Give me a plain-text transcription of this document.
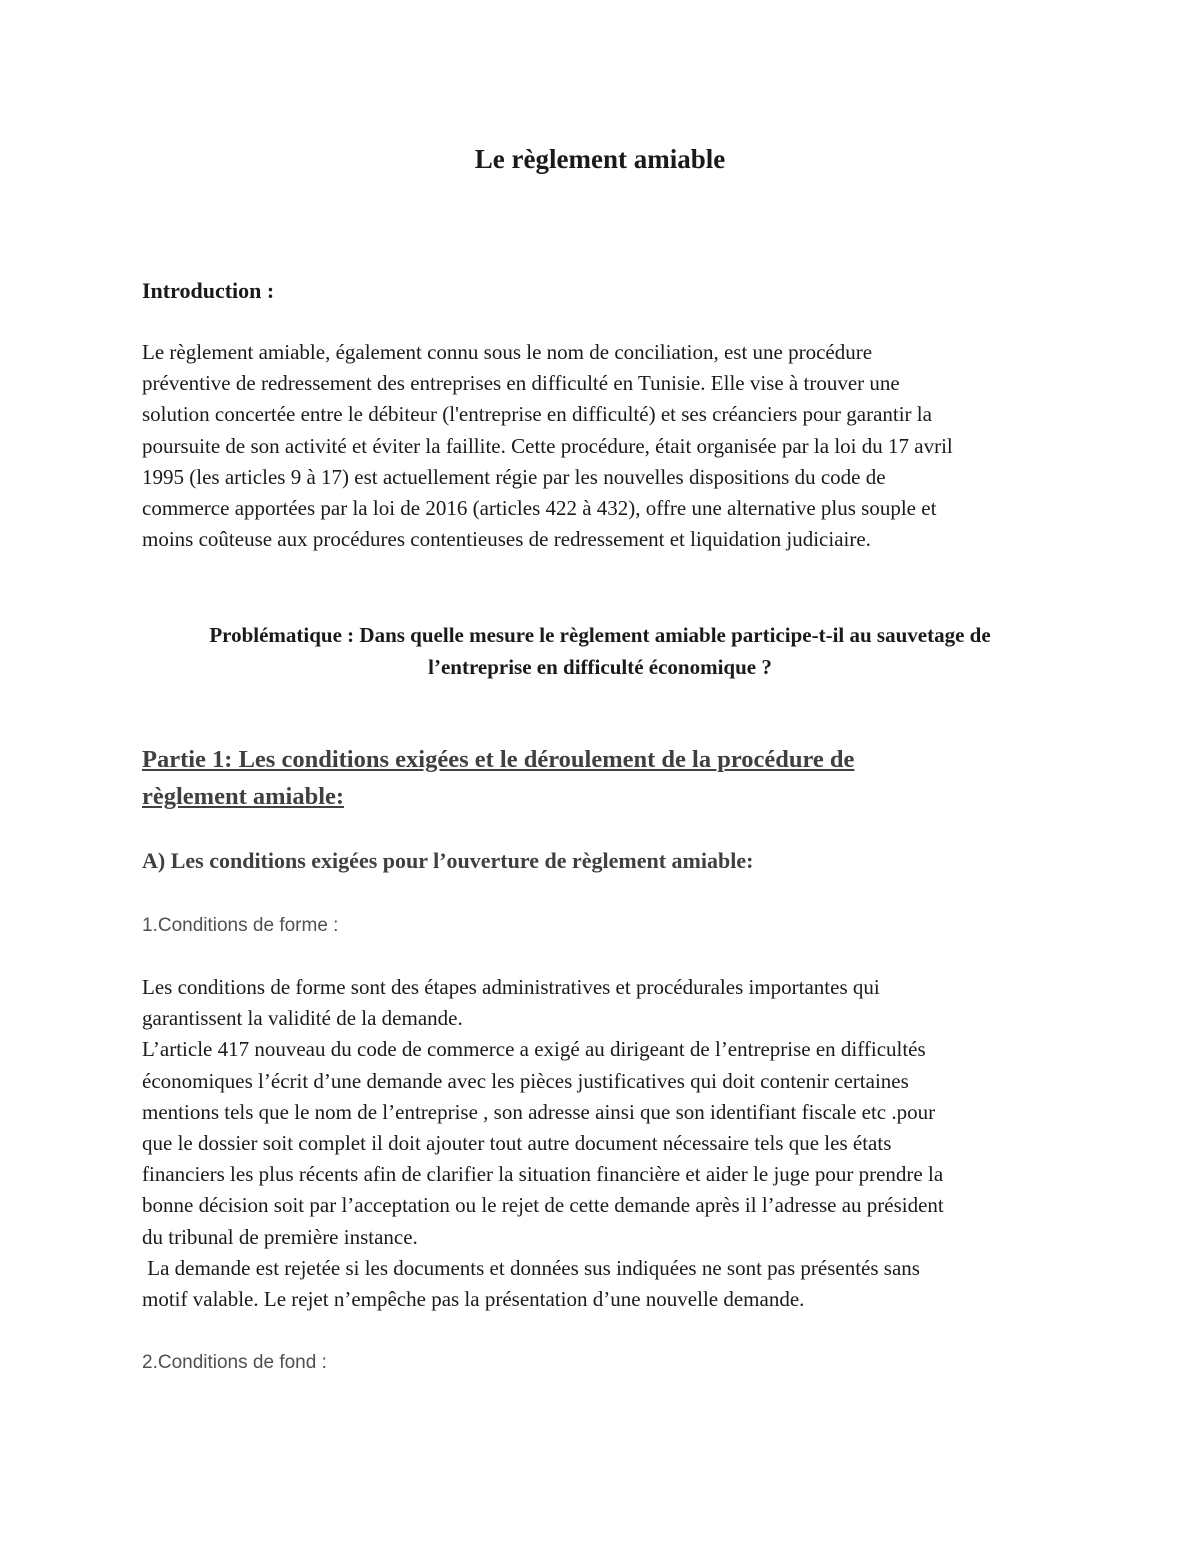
Le règlement amiable
Introduction :

Le règlement amiable, également connu sous le nom de conciliation, est une procédure

préventive de redressement des entreprises en difficulté en Tunisie. Elle vise à trouver une

solution concertée entre le débiteur (l'entreprise en difficulté) et ses créanciers pour garantir la

poursuite de son activité et éviter la faillite. Cette procédure, était organisée par la loi du 17 avril

1995 (les articles 9 à 17) est actuellement régie par les nouvelles dispositions du code de

commerce apportées par la loi de 2016 (articles 422 à 432), offre une alternative plus souple et

moins coûteuse aux procédures contentieuses de redressement et liquidation judiciaire.

Problématique : Dans quelle mesure le règlement amiable participe-t-il au sauvetage de
l’entreprise en difficulté économique ?
Partie 1: Les conditions exigées et le déroulement de la procédure de
règlement amiable:
A) Les conditions exigées pour l’ouverture de règlement amiable:
1.Conditions de forme :

Les conditions de forme sont des étapes administratives et procédurales importantes qui

garantissent la validité de la demande.

L’article 417 nouveau du code de commerce a exigé au dirigeant de l’entreprise en difficultés

économiques l’écrit d’une demande avec les pièces justificatives qui doit contenir certaines

mentions tels que le nom de l’entreprise , son adresse ainsi que son identifiant fiscale etc .pour

que le dossier soit complet il doit ajouter tout autre document nécessaire tels que les états

financiers les plus récents afin de clarifier la situation financière et aider le juge pour prendre la

bonne décision soit par l’acceptation ou le rejet de cette demande après il l’adresse au président

du tribunal de première instance.

La demande est rejetée si les documents et données sus indiquées ne sont pas présentés sans

motif valable. Le rejet n’empêche pas la présentation d’une nouvelle demande.

2.Conditions de fond :
